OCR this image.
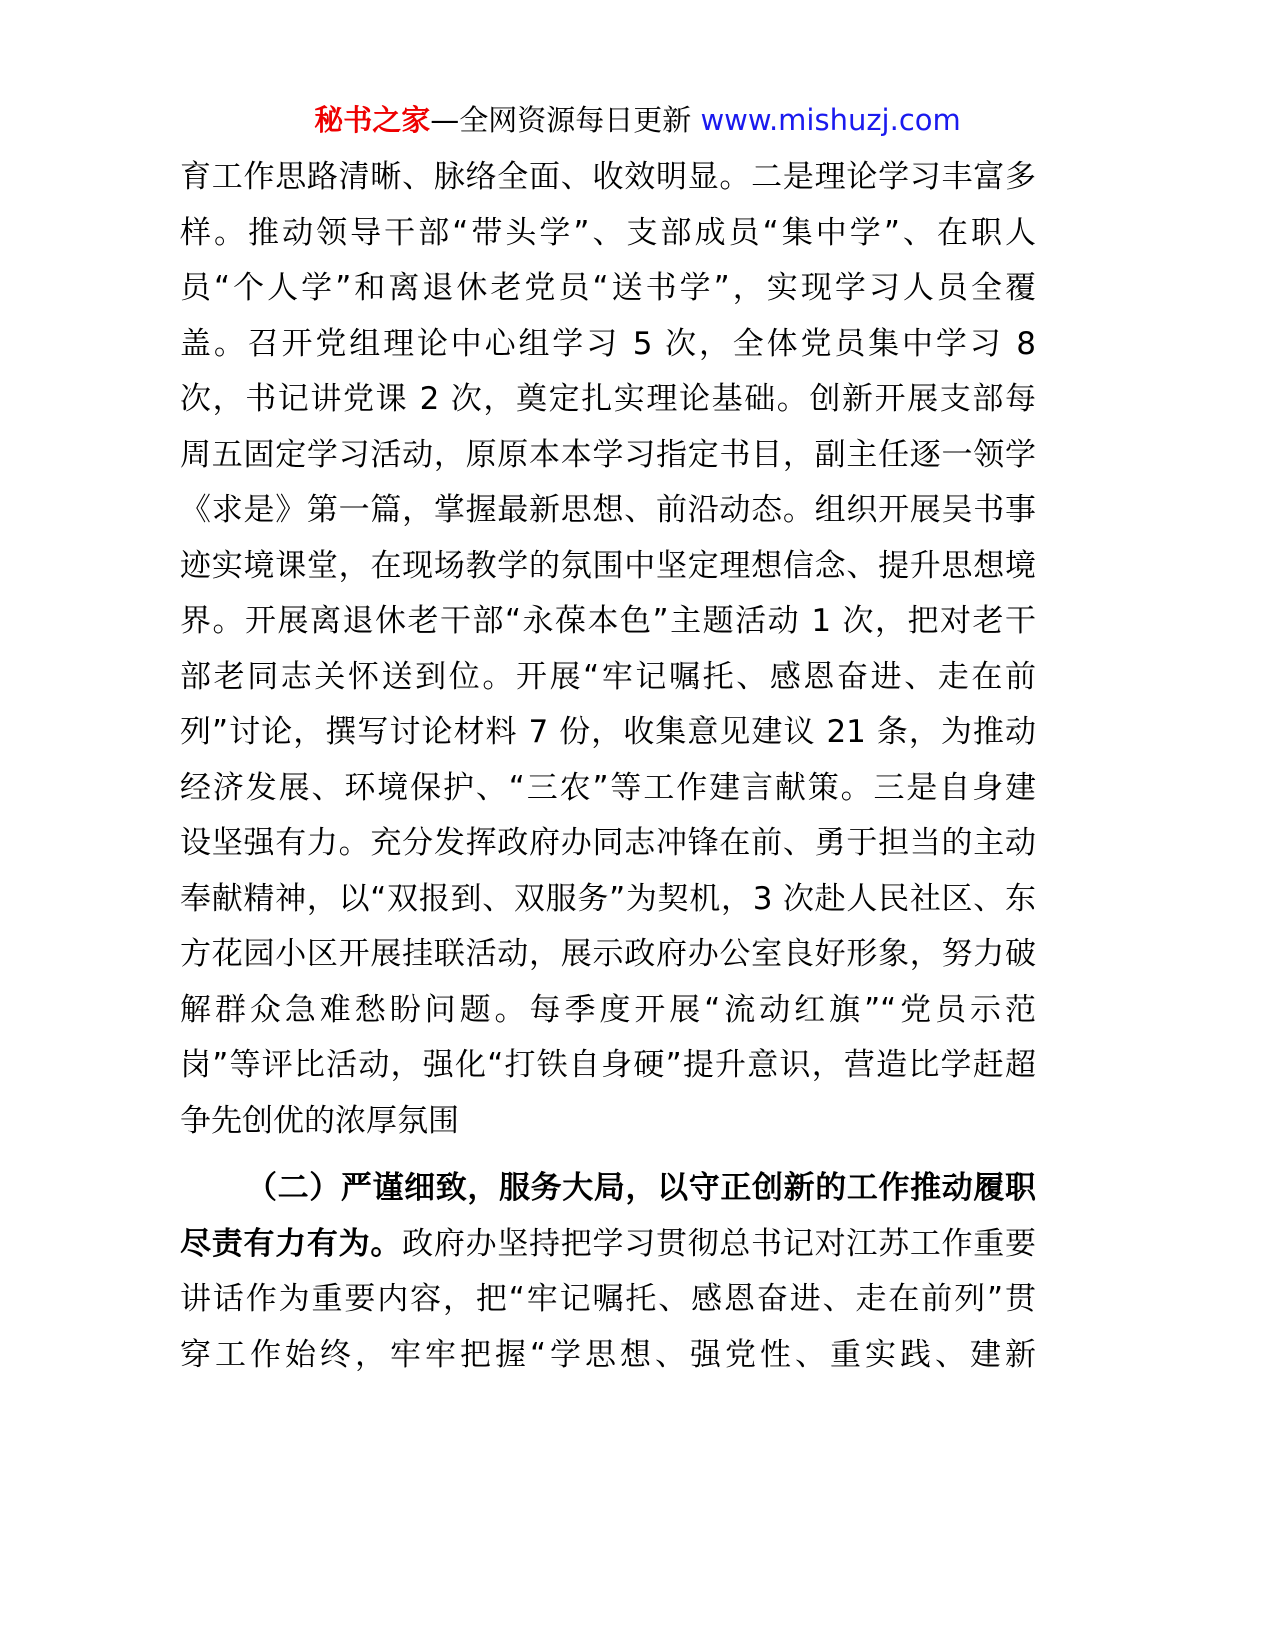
秘书之家—全网资源每日更新 www.mishuzj.com
育工作思路清晰、脉络全面、收效明显。二是理论学习丰富多
样。推动领导干部“带头学”、支部成员“集中学”、在职人
员“个人学”和离退休老党员“送书学”，实现学习人员全覆
盖。召开党组理论中心组学习 5 次，全体党员集中学习 8
次，书记讲党课 2 次，奠定扎实理论基础。创新开展支部每
周五固定学习活动，原原本本学习指定书目，副主任逐一领学
《求是》第一篇，掌握最新思想、前沿动态。组织开展吴书事
迹实境课堂，在现场教学的氛围中坚定理想信念、提升思想境
界。开展离退休老干部“永葆本色”主题活动 1 次，把对老干
部老同志关怀送到位。开展“牢记嘱托、感恩奋进、走在前
列”讨论，撰写讨论材料 7 份，收集意见建议 21 条，为推动
经济发展、环境保护、“三农”等工作建言献策。三是自身建
设坚强有力。充分发挥政府办同志冲锋在前、勇于担当的主动
奉献精神，以“双报到、双服务”为契机，3 次赴人民社区、东
方花园小区开展挂联活动，展示政府办公室良好形象，努力破
解群众急难愁盼问题。每季度开展“流动红旗”“党员示范
岗”等评比活动，强化“打铁自身硬”提升意识，营造比学赶超
争先创优的浓厚氛围
（二）严谨细致，服务大局，以守正创新的工作推动履职
尽责有力有为。政府办坚持把学习贯彻总书记对江苏工作重要
讲话作为重要内容，把“牢记嘱托、感恩奋进、走在前列”贯
穿工作始终，牢牢把握“学思想、强党性、重实践、建新
